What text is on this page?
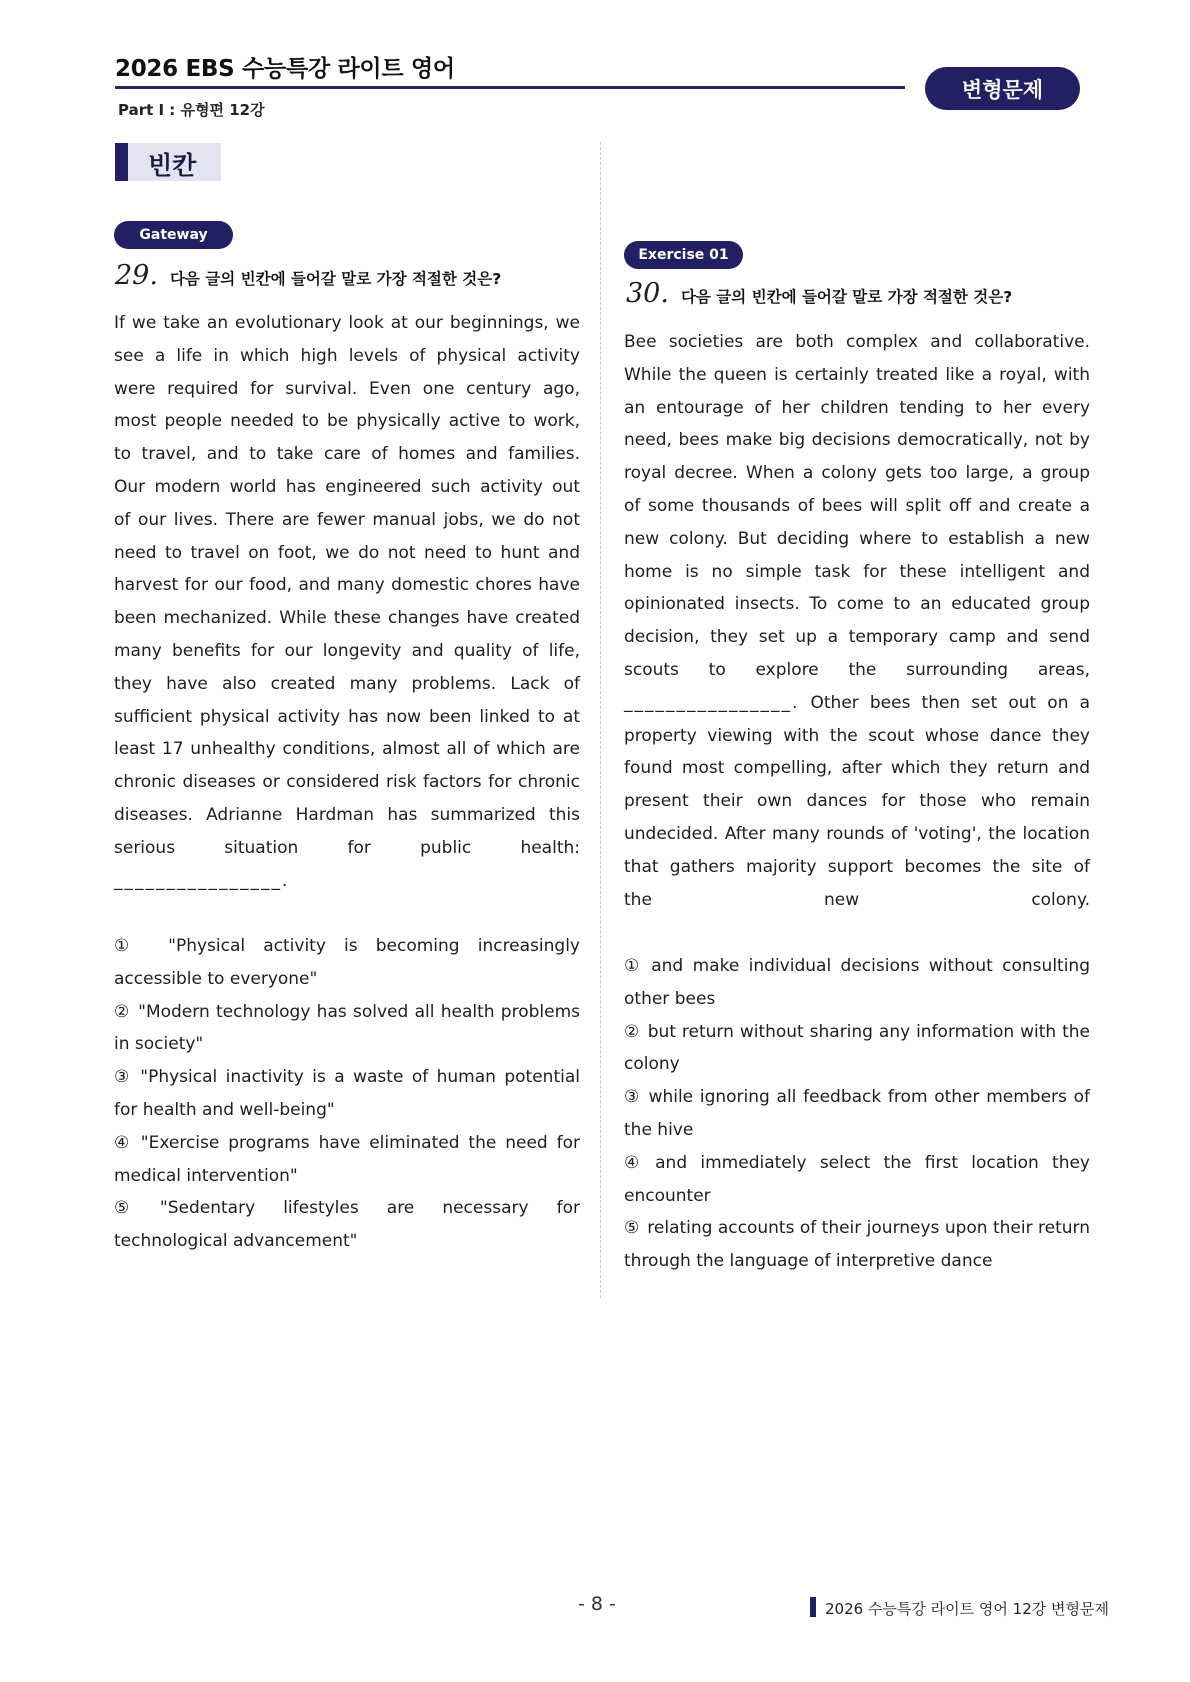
2026 EBS 수능특강 라이트 영어
Part Ⅰ : 유형편 12강
변형문제
빈칸
Gateway
29. 다음 글의 빈칸에 들어갈 말로 가장 적절한 것은?
If we take an evolutionary look at our beginnings, we see a life in which high levels of physical activity were required for survival. Even one century ago, most people needed to be physically active to work, to travel, and to take care of homes and families. Our modern world has engineered such activity out of our lives. There are fewer manual jobs, we do not need to travel on foot, we do not need to hunt and harvest for our food, and many domestic chores have been mechanized. While these changes have created many benefits for our longevity and quality of life, they have also created many problems. Lack of sufficient physical activity has now been linked to at least 17 unhealthy conditions, almost all of which are chronic diseases or considered risk factors for chronic diseases. Adrianne Hardman has summarized this serious situation for public health:
________________.

① "Physical activity is becoming increasingly accessible to everyone"

② "Modern technology has solved all health problems in society"

③ "Physical inactivity is a waste of human potential for health and well-being"

④ "Exercise programs have eliminated the need for medical intervention"

⑤ "Sedentary lifestyles are necessary for technological advancement"

Exercise 01
30. 다음 글의 빈칸에 들어갈 말로 가장 적절한 것은?
Bee societies are both complex and collaborative. While the queen is certainly treated like a royal, with an entourage of her children tending to her every need, bees make big decisions democratically, not by royal decree. When a colony gets too large, a group of some thousands of bees will split off and create a new colony. But deciding where to establish a new home is no simple task for these intelligent and opinionated insects. To come to an educated group decision, they set up a temporary camp and send scouts to explore the surrounding areas, ________________. Other bees then set out on a property viewing with the scout whose dance they found most compelling, after which they return and present their own dances for those who remain undecided. After many rounds of 'voting', the location that gathers majority support becomes the site of the new colony.

① and make individual decisions without consulting other bees

② but return without sharing any information with the colony

③ while ignoring all feedback from other members of the hive

④ and immediately select the first location they encounter

⑤ relating accounts of their journeys upon their return through the language of interpretive dance

- 8 -	2026 수능특강 라이트 영어 12강 변형문제
